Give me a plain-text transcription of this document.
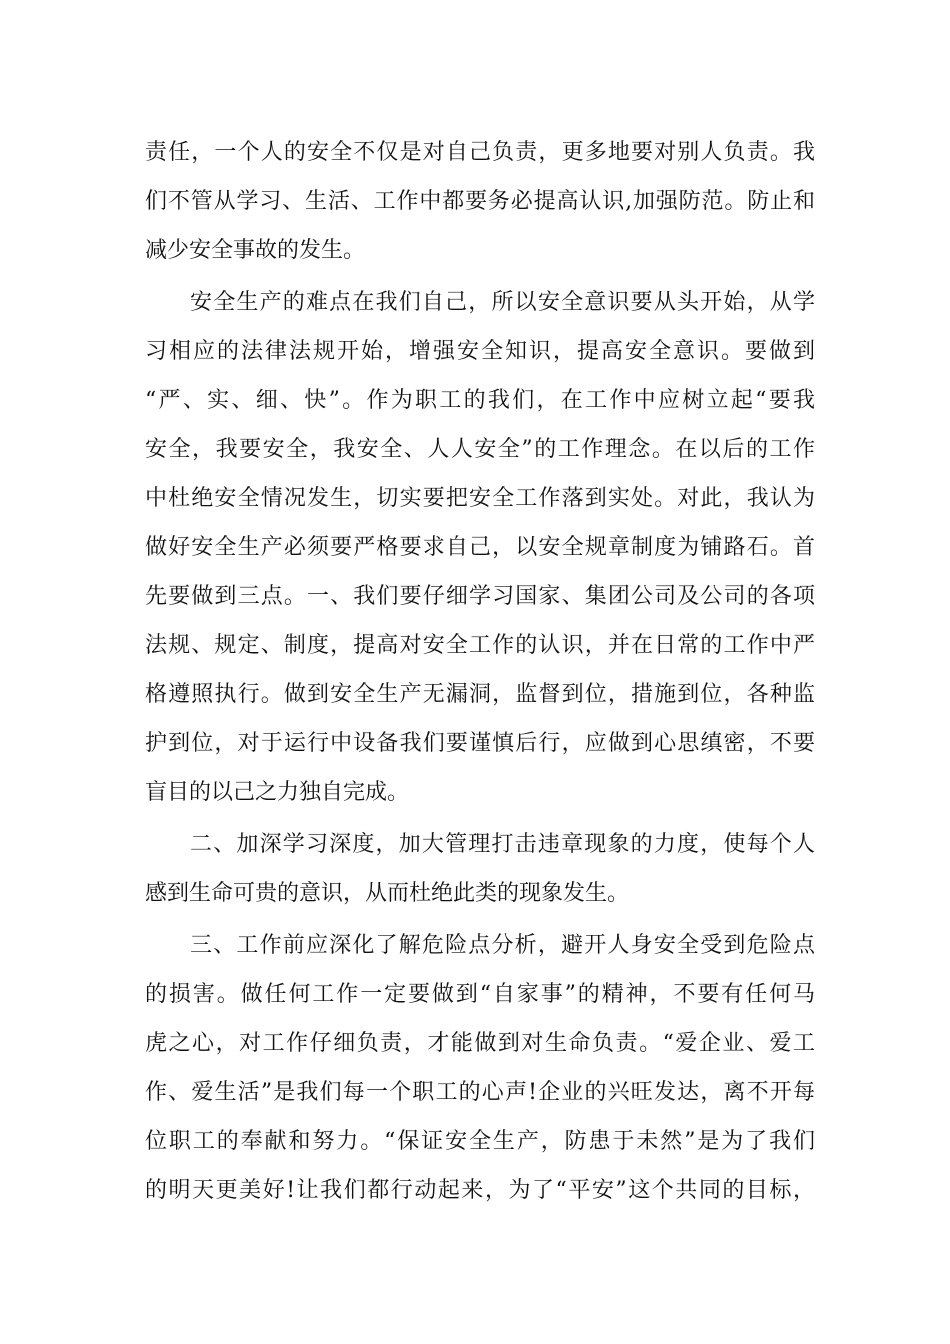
责任，一个人的安全不仅是对自己负责，更多地要对别人负责。我
们不管从学习、生活、工作中都要务必提高认识,加强防范。防止和
减少安全事故的发生。
安全生产的难点在我们自己，所以安全意识要从头开始，从学
习相应的法律法规开始，增强安全知识，提高安全意识。要做到
“严、实、细、快”。作为职工的我们，在工作中应树立起“要我
安全，我要安全，我安全、人人安全”的工作理念。在以后的工作
中杜绝安全情况发生，切实要把安全工作落到实处。对此，我认为
做好安全生产必须要严格要求自己，以安全规章制度为铺路石。首
先要做到三点。一、我们要仔细学习国家、集团公司及公司的各项
法规、规定、制度，提高对安全工作的认识，并在日常的工作中严
格遵照执行。做到安全生产无漏洞，监督到位，措施到位，各种监
护到位，对于运行中设备我们要谨慎后行，应做到心思缜密，不要
盲目的以己之力独自完成。
二、加深学习深度，加大管理打击违章现象的力度，使每个人
感到生命可贵的意识，从而杜绝此类的现象发生。
三、工作前应深化了解危险点分析，避开人身安全受到危险点
的损害。做任何工作一定要做到“自家事”的精神，不要有任何马
虎之心，对工作仔细负责，才能做到对生命负责。“爱企业、爱工
作、爱生活”是我们每一个职工的心声!企业的兴旺发达，离不开每
位职工的奉献和努力。“保证安全生产，防患于未然”是为了我们
的明天更美好!让我们都行动起来，为了“平安”这个共同的目标，
